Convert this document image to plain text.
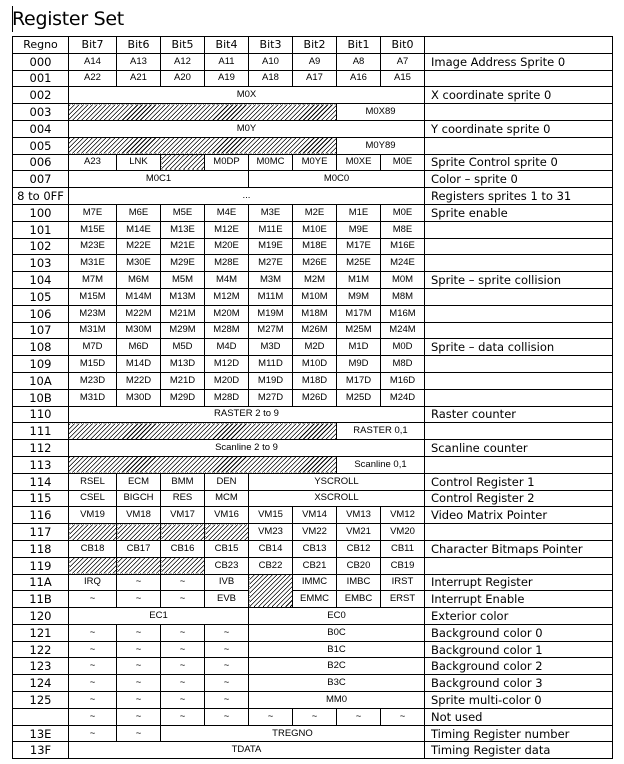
Register Set
Regno	Bit7	Bit6	Bit5	Bit4	Bit3	Bit2	Bit1	Bit0	
000	A14	A13	A12	A11	A10	A9	A8	A7	Image Address Sprite 0
001	A22	A21	A20	A19	A18	A17	A16	A15	
002	M0X								X coordinate sprite 0
003							M0X89		
004	M0Y								Y coordinate sprite 0
005							M0Y89		
006	A23	LNK		M0DP	M0MC	M0YE	M0XE	M0E	Sprite Control sprite 0
007	M0C1				M0C0				Color – sprite 0
8 to 0FF	...								Registers sprites 1 to 31
100	M7E	M6E	M5E	M4E	M3E	M2E	M1E	M0E	Sprite enable
101	M15E	M14E	M13E	M12E	M11E	M10E	M9E	M8E	
102	M23E	M22E	M21E	M20E	M19E	M18E	M17E	M16E	
103	M31E	M30E	M29E	M28E	M27E	M26E	M25E	M24E	
104	M7M	M6M	M5M	M4M	M3M	M2M	M1M	M0M	Sprite – sprite collision
105	M15M	M14M	M13M	M12M	M11M	M10M	M9M	M8M	
106	M23M	M22M	M21M	M20M	M19M	M18M	M17M	M16M	
107	M31M	M30M	M29M	M28M	M27M	M26M	M25M	M24M	
108	M7D	M6D	M5D	M4D	M3D	M2D	M1D	M0D	Sprite – data collision
109	M15D	M14D	M13D	M12D	M11D	M10D	M9D	M8D	
10A	M23D	M22D	M21D	M20D	M19D	M18D	M17D	M16D	
10B	M31D	M30D	M29D	M28D	M27D	M26D	M25D	M24D	
110	RASTER 2 to 9								Raster counter
111							RASTER 0,1		
112	Scanline 2 to 9								Scanline counter
113							Scanline 0,1		
114	RSEL	ECM	BMM	DEN	YSCROLL				Control Register 1
115	CSEL	BIGCH	RES	MCM	XSCROLL				Control Register 2
116	VM19	VM18	VM17	VM16	VM15	VM14	VM13	VM12	Video Matrix Pointer
117					VM23	VM22	VM21	VM20	
118	CB18	CB17	CB16	CB15	CB14	CB13	CB12	CB11	Character Bitmaps Pointer
119				CB23	CB22	CB21	CB20	CB19	
11A	IRQ	~	~	IVB		IMMC	IMBC	IRST	Interrupt Register
11B	~	~	~	EVB		EMMC	EMBC	ERST	Interrupt Enable
120	EC1				EC0				Exterior color
121	~	~	~	~	B0C				Background color 0
122	~	~	~	~	B1C				Background color 1
123	~	~	~	~	B2C				Background color 2
124	~	~	~	~	B3C				Background color 3
125	~	~	~	~	MM0				Sprite multi-color 0
	~	~	~	~	~	~	~	~	Not used
13E	~	~	TREGNO						Timing Register number
13F	TDATA								Timing Register data
